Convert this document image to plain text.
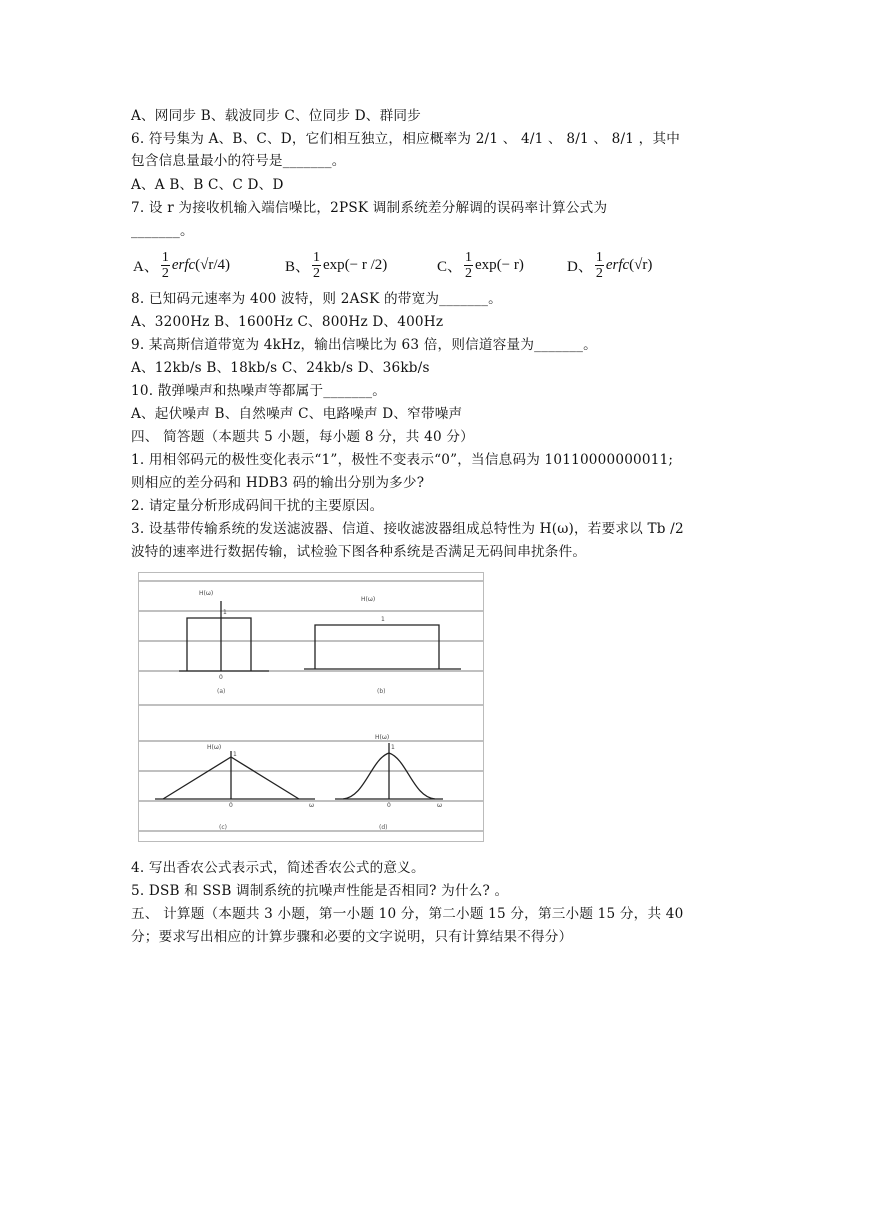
A、网同步 B、载波同步 C、位同步 D、群同步
6. 符号集为 A、B、C、D，它们相互独立，相应概率为 2/1 、 4/1 、 8/1 、 8/1 ，其中
包含信息量最小的符号是_______。
A、A B、B C、C D、D
7. 设 r 为接收机输入端信噪比，2PSK 调制系统差分解调的误码率计算公式为
_______。
A、 $\frac{1}{2}$ erfc (√r/4)	B、 $\frac{1}{2}$ exp (− r /2)	C、 $\frac{1}{2}$ exp (− r)	D、 $\frac{1}{2}$ erfc (√r)
8. 已知码元速率为 400 波特，则 2ASK 的带宽为_______。
A、3200Hz B、1600Hz C、800Hz D、400Hz
9. 某高斯信道带宽为 4kHz，输出信噪比为 63 倍，则信道容量为_______。
A、12kb/s B、18kb/s C、24kb/s D、36kb/s
10. 散弹噪声和热噪声等都属于_______。
A、起伏噪声 B、自然噪声 C、电路噪声 D、窄带噪声
四、 简答题（本题共 5 小题，每小题 8 分，共 40 分）
1. 用相邻码元的极性变化表示“1”，极性不变表示“0”，当信息码为 10110000000011;
则相应的差分码和 HDB3 码的输出分别为多少?
2. 请定量分析形成码间干扰的主要原因。
3. 设基带传输系统的发送滤波器、信道、接收滤波器组成总特性为 H(ω)，若要求以 Tb /2
波特的速率进行数据传输，试检验下图各种系统是否满足无码间串扰条件。
H(ω)
1
0
(a)
H(ω)
1
(b)
H(ω)
1
0	ω
(c)
H(ω)
1
0	ω
(d)
4. 写出香农公式表示式，简述香农公式的意义。
5. DSB 和 SSB 调制系统的抗噪声性能是否相同? 为什么? 。
五、 计算题（本题共 3 小题，第一小题 10 分，第二小题 15 分，第三小题 15 分，共 40
分；要求写出相应的计算步骤和必要的文字说明，只有计算结果不得分）
